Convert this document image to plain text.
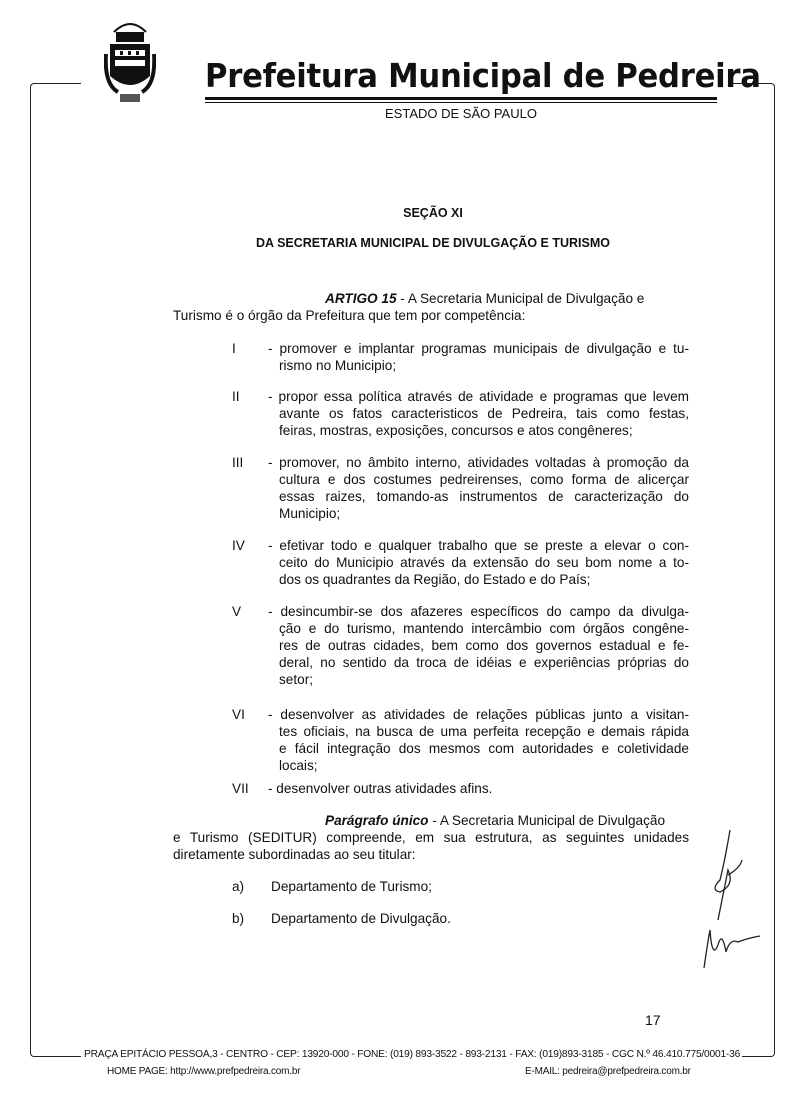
Prefeitura Municipal de Pedreira
ESTADO DE SÃO PAULO
SEÇÃO XI
DA SECRETARIA MUNICIPAL DE DIVULGAÇÃO E TURISMO
ARTIGO 15 - A Secretaria Municipal de Divulgação e
Turismo é o órgão da Prefeitura que tem por competência:
I - promover e implantar programas municipais de divulgação e tu-
rismo no Municipio;
II - propor essa política através de atividade e programas que levem
avante os fatos caracteristicos de Pedreira, tais como festas,
feiras, mostras, exposições, concursos e atos congêneres;
III - promover, no âmbito interno, atividades voltadas à promoção da
cultura e dos costumes pedreirenses, como forma de alicerçar
essas raizes, tomando-as instrumentos de caracterização do
Municipio;
IV - efetivar todo e qualquer trabalho que se preste a elevar o con-
ceito do Municipio através da extensão do seu bom nome a to-
dos os quadrantes da Região, do Estado e do País;
V - desincumbir-se dos afazeres específicos do campo da divulga-
ção e do turismo, mantendo intercâmbio com órgãos congêne-
res de outras cidades, bem como dos governos estadual e fe-
deral, no sentido da troca de idéias e experiências próprias do
setor;
VI - desenvolver as atividades de relações públicas junto a visitan-
tes oficiais, na busca de uma perfeita recepção e demais rápida
e fácil integração dos mesmos com autoridades e coletividade
locais;
VII - desenvolver outras atividades afins.
Parágrafo único - A Secretaria Municipal de Divulgação
e Turismo (SEDITUR) compreende, em sua estrutura, as seguintes unidades
diretamente subordinadas ao seu titular:
a) Departamento de Turismo;
b) Departamento de Divulgação.
17
PRAÇA EPITÁCIO PESSOA,3 - CENTRO - CEP: 13920-000 - FONE: (019) 893-3522 - 893-2131 - FAX: (019)893-3185 - CGC N.º 46.410.775/0001-36
HOME PAGE: http://www.prefpedreira.com.br	E-MAIL: pedreira@prefpedreira.com.br
